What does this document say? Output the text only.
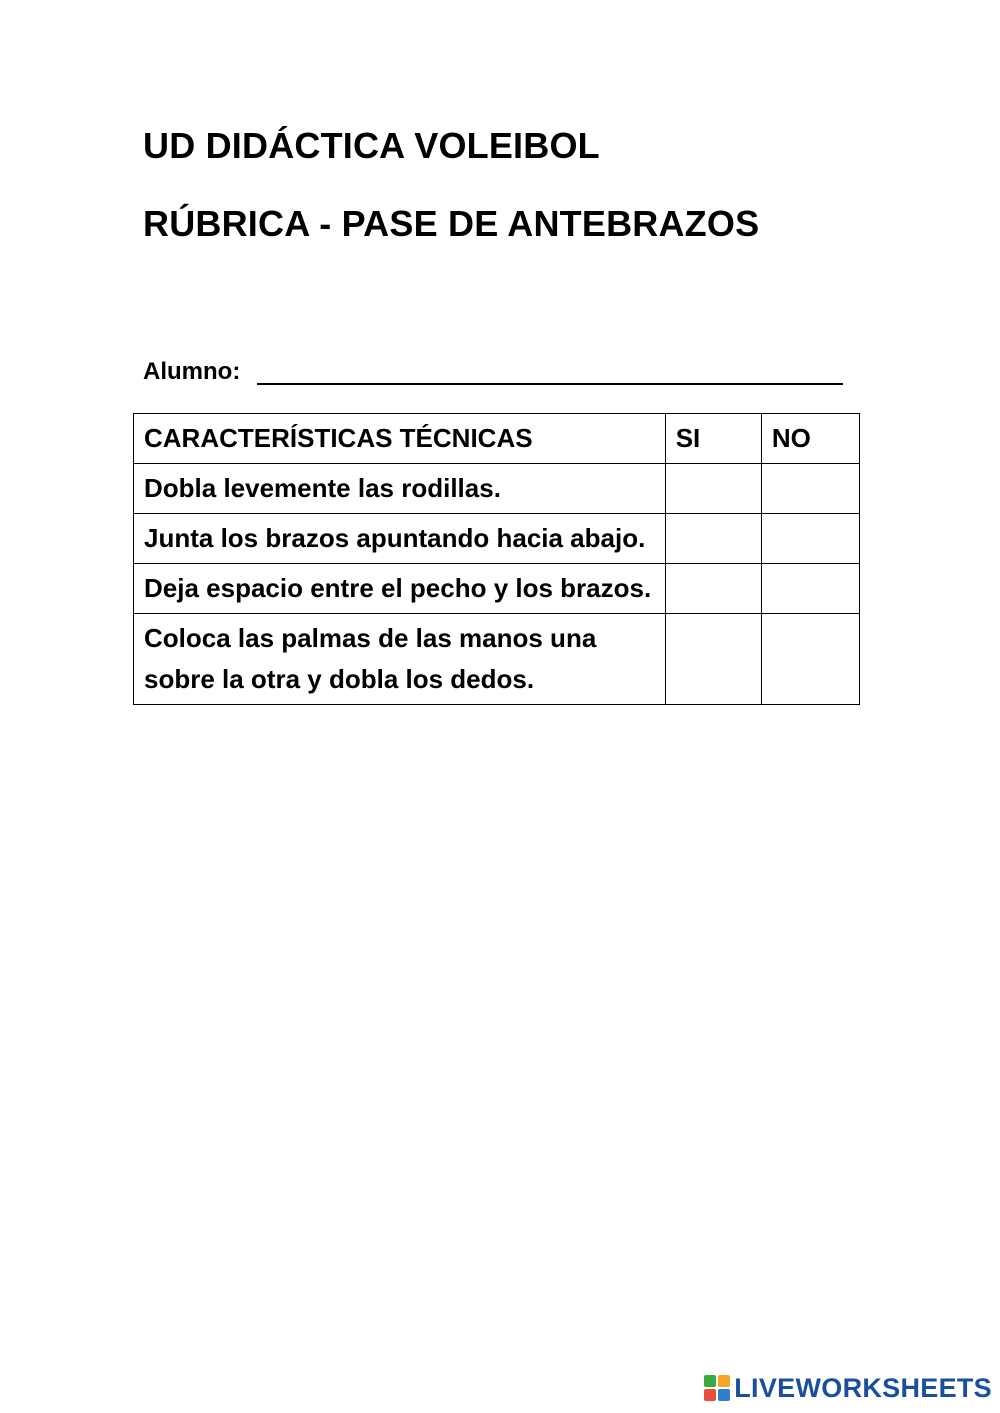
UD DIDÁCTICA VOLEIBOL
RÚBRICA - PASE DE ANTEBRAZOS
Alumno:
CARACTERÍSTICAS TÉCNICAS	SI	NO
Dobla levemente las rodillas.		
Junta los brazos apuntando hacia abajo.		
Deja espacio entre el pecho y los brazos.		
Coloca las palmas de las manos una sobre la otra y dobla los dedos.		
LIVEWORKSHEETS
